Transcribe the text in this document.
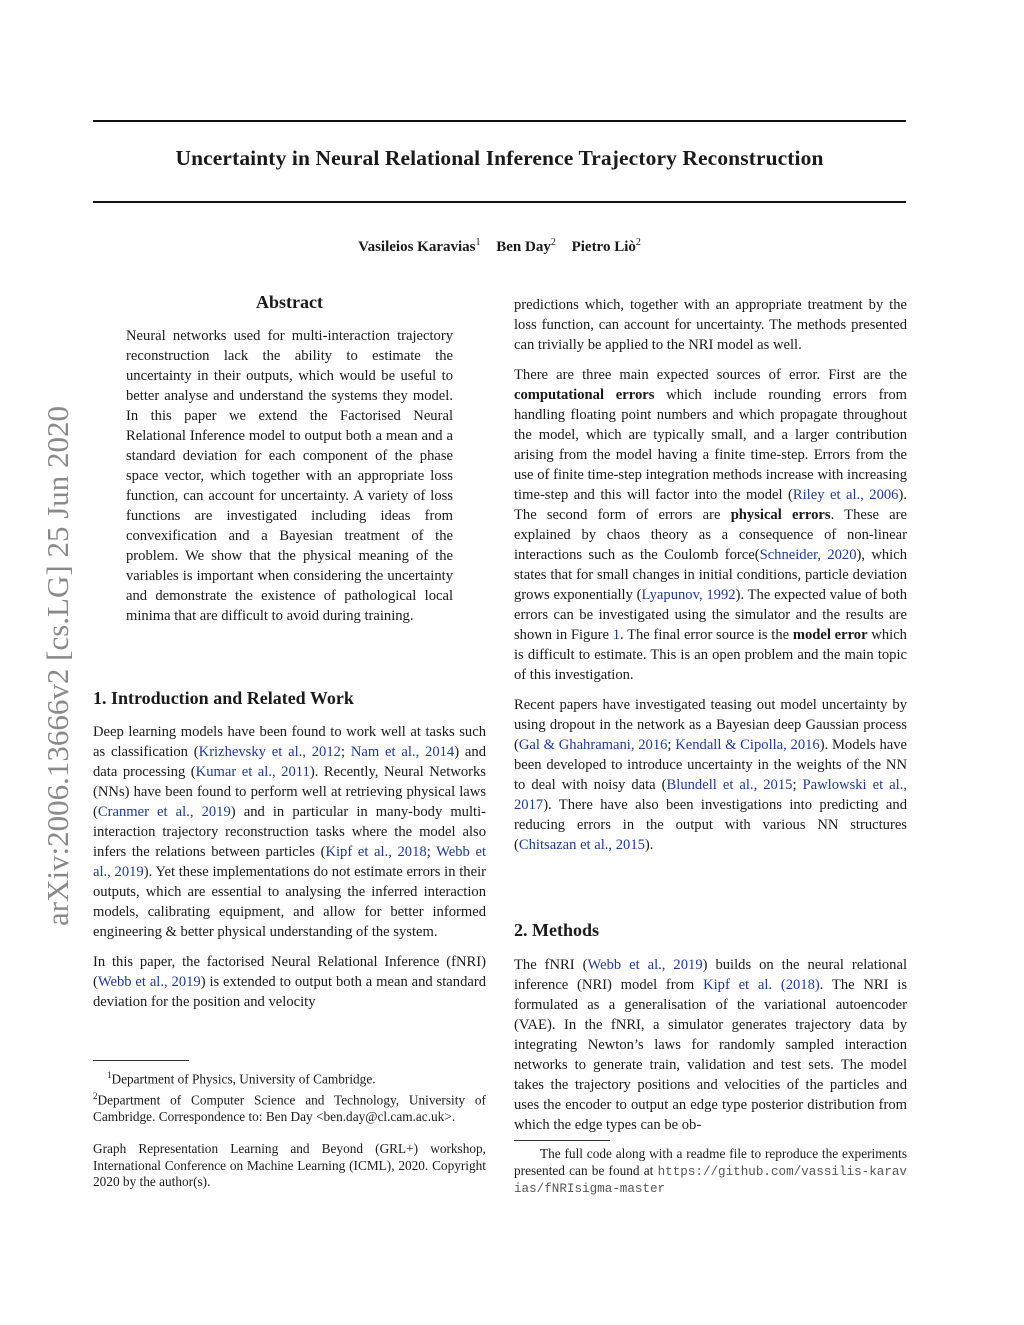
arXiv:2006.13666v2 [cs.LG] 25 Jun 2020
Uncertainty in Neural Relational Inference Trajectory Reconstruction
Vasileios Karavias$^1$ Ben Day$^2$ Pietro Liò$^2$
Abstract

Neural networks used for multi-interaction trajectory reconstruction lack the ability to estimate the uncertainty in their outputs, which would be useful to better analyse and understand the systems they model. In this paper we extend the Factorised Neural Relational Inference model to output both a mean and a standard deviation for each component of the phase space vector, which together with an appropriate loss function, can account for uncertainty. A variety of loss functions are investigated including ideas from convexification and a Bayesian treatment of the problem. We show that the physical meaning of the variables is important when considering the uncertainty and demonstrate the existence of pathological local minima that are difficult to avoid during training.

1. Introduction and Related Work

Deep learning models have been found to work well at tasks such as classification (Krizhevsky et al., 2012; Nam et al., 2014) and data processing (Kumar et al., 2011). Recently, Neural Networks (NNs) have been found to perform well at retrieving physical laws (Cranmer et al., 2019) and in particular in many-body multi-interaction trajectory reconstruction tasks where the model also infers the relations between particles (Kipf et al., 2018; Webb et al., 2019). Yet these implementations do not estimate errors in their outputs, which are essential to analysing the inferred interaction models, calibrating equipment, and allow for better informed engineering & better physical understanding of the system.

In this paper, the factorised Neural Relational Inference (fNRI) (Webb et al., 2019) is extended to output both a mean and standard deviation for the position and velocity

$^1$Department of Physics, University of Cambridge.

$^2$Department of Computer Science and Technology, University of Cambridge. Correspondence to: Ben Day <ben.day@cl.cam.ac.uk>.

Graph Representation Learning and Beyond (GRL+) workshop, International Conference on Machine Learning (ICML), 2020. Copyright 2020 by the author(s).

predictions which, together with an appropriate treatment by the loss function, can account for uncertainty. The methods presented can trivially be applied to the NRI model as well.

There are three main expected sources of error. First are the computational errors which include rounding errors from handling floating point numbers and which propagate throughout the model, which are typically small, and a larger contribution arising from the model having a finite time-step. Errors from the use of finite time-step integration methods increase with increasing time-step and this will factor into the model (Riley et al., 2006). The second form of errors are physical errors. These are explained by chaos theory as a consequence of non-linear interactions such as the Coulomb force(Schneider, 2020), which states that for small changes in initial conditions, particle deviation grows exponentially (Lyapunov, 1992). The expected value of both errors can be investigated using the simulator and the results are shown in Figure 1. The final error source is the model error which is difficult to estimate. This is an open problem and the main topic of this investigation.

Recent papers have investigated teasing out model uncertainty by using dropout in the network as a Bayesian deep Gaussian process (Gal & Ghahramani, 2016; Kendall & Cipolla, 2016). Models have been developed to introduce uncertainty in the weights of the NN to deal with noisy data (Blundell et al., 2015; Pawlowski et al., 2017). There have also been investigations into predicting and reducing errors in the output with various NN structures (Chitsazan et al., 2015).

2. Methods

The fNRI (Webb et al., 2019) builds on the neural relational inference (NRI) model from Kipf et al. (2018). The NRI is formulated as a generalisation of the variational autoencoder (VAE). In the fNRI, a simulator generates trajectory data by integrating Newton’s laws for randomly sampled interaction networks to generate train, validation and test sets. The model takes the trajectory positions and velocities of the particles and uses the encoder to output an edge type posterior distribution from which the edge types can be ob-

The full code along with a readme file to reproduce the experiments presented can be found at https://github.com/vassilis-karavias/fNRIsigma-master
